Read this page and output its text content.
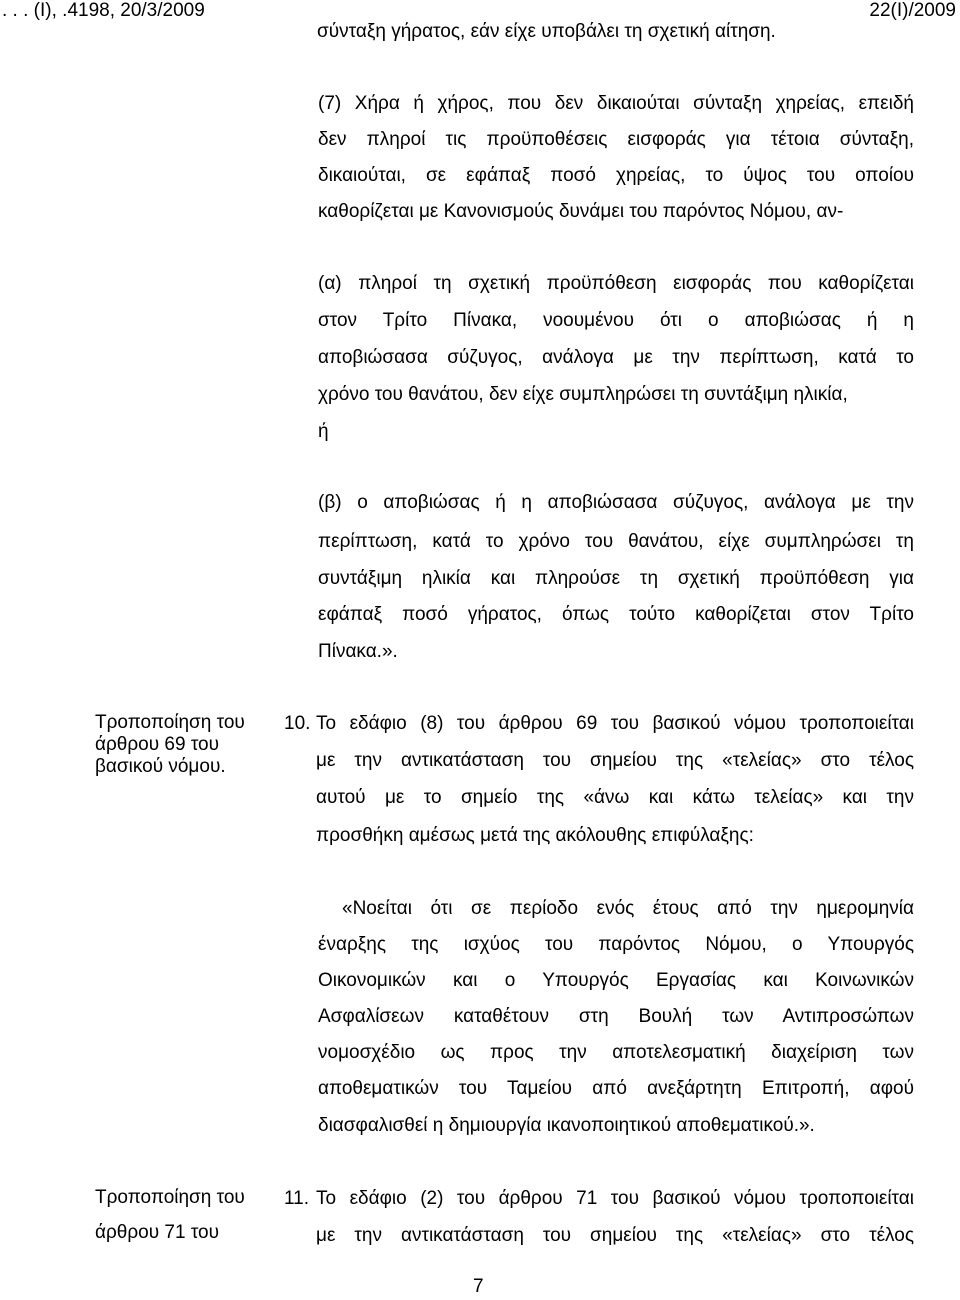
. . . (Ι), .4198, 20/3/2009	22(Ι)/2009
σύνταξη γήρατος, εάν είχε υποβάλει τη σχετική αίτηση.
(7) Χήρα ή χήρος, που δεν δικαιούται σύνταξη χηρείας, επειδή
δεν πληροί τις προϋποθέσεις εισφοράς για τέτοια σύνταξη,
δικαιούται, σε εφάπαξ ποσό χηρείας, το ύψος του οποίου
καθορίζεται με Κανονισμούς δυνάμει του παρόντος Νόμου, αν-
(α) πληροί τη σχετική προϋπόθεση εισφοράς που καθορίζεται
στον Τρίτο Πίνακα, νοουμένου ότι ο αποβιώσας ή η
αποβιώσασα σύζυγος, ανάλογα με την περίπτωση, κατά το
χρόνο του θανάτου, δεν είχε συμπληρώσει τη συντάξιμη ηλικία,
ή
(β) ο αποβιώσας ή η αποβιώσασα σύζυγος, ανάλογα με την
περίπτωση, κατά το χρόνο του θανάτου, είχε συμπληρώσει τη
συντάξιμη ηλικία και πληρούσε τη σχετική προϋπόθεση για
εφάπαξ ποσό γήρατος, όπως τούτο καθορίζεται στον Τρίτο
Πίνακα.».
Τροποποίηση του
άρθρου 69 του
βασικού νόμου.
10. Το εδάφιο (8) του άρθρου 69 του βασικού νόμου τροποποιείται
με την αντικατάσταση του σημείου της «τελείας» στο τέλος
αυτού με το σημείο της «άνω και κάτω τελείας» και την
προσθήκη αμέσως μετά της ακόλουθης επιφύλαξης:
«Νοείται ότι σε περίοδο ενός έτους από την ημερομηνία
έναρξης της ισχύος του παρόντος Νόμου, ο Υπουργός
Οικονομικών και ο Υπουργός Εργασίας και Κοινωνικών
Ασφαλίσεων καταθέτουν στη Βουλή των Αντιπροσώπων
νομοσχέδιο ως προς την αποτελεσματική διαχείριση των
αποθεματικών του Ταμείου από ανεξάρτητη Επιτροπή, αφού
διασφαλισθεί η δημιουργία ικανοποιητικού αποθεματικού.».
Τροποποίηση του
άρθρου 71 του
11. Το εδάφιο (2) του άρθρου 71 του βασικού νόμου τροποποιείται
με την αντικατάσταση του σημείου της «τελείας» στο τέλος
7
